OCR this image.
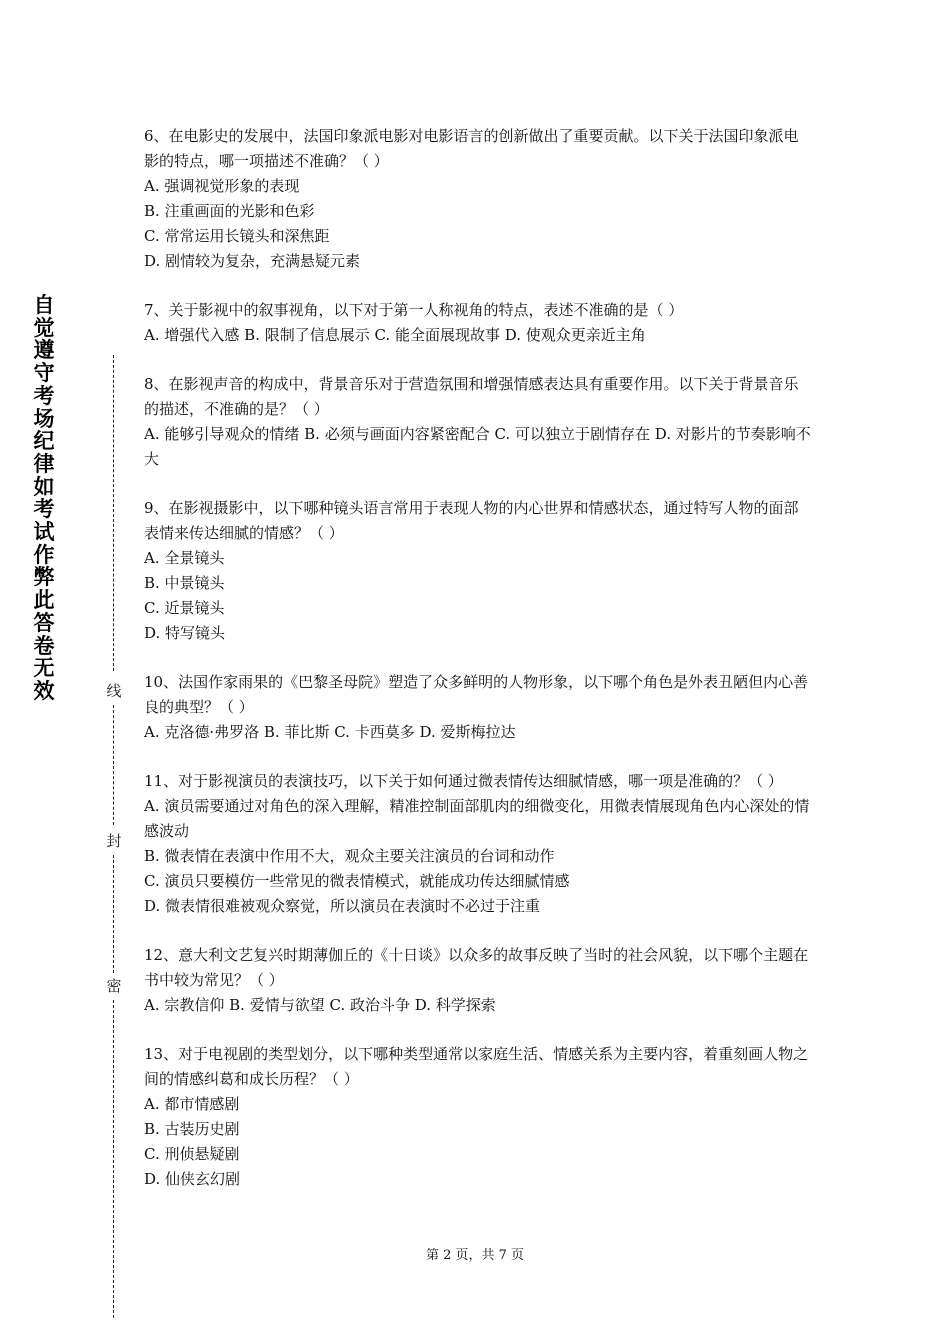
自觉遵守考场纪律如考试作弊此答卷无效	线
封
密

6、在电影史的发展中，法国印象派电影对电影语言的创新做出了重要贡献。以下关于法国印象派电影的特点，哪一项描述不准确？（ ）

A. 强调视觉形象的表现

B. 注重画面的光影和色彩

C. 常常运用长镜头和深焦距

D. 剧情较为复杂，充满悬疑元素

7、关于影视中的叙事视角，以下对于第一人称视角的特点，表述不准确的是（ ）

A. 增强代入感 B. 限制了信息展示 C. 能全面展现故事 D. 使观众更亲近主角

8、在影视声音的构成中，背景音乐对于营造氛围和增强情感表达具有重要作用。以下关于背景音乐的描述，不准确的是？（ ）

A. 能够引导观众的情绪 B. 必须与画面内容紧密配合 C. 可以独立于剧情存在 D. 对影片的节奏影响不大

9、在影视摄影中，以下哪种镜头语言常用于表现人物的内心世界和情感状态，通过特写人物的面部表情来传达细腻的情感？（ ）

A. 全景镜头

B. 中景镜头

C. 近景镜头

D. 特写镜头

10、法国作家雨果的《巴黎圣母院》塑造了众多鲜明的人物形象，以下哪个角色是外表丑陋但内心善良的典型？（ ）

A. 克洛德·弗罗洛 B. 菲比斯 C. 卡西莫多 D. 爱斯梅拉达

11、对于影视演员的表演技巧，以下关于如何通过微表情传达细腻情感，哪一项是准确的？（ ）

A. 演员需要通过对角色的深入理解，精准控制面部肌肉的细微变化，用微表情展现角色内心深处的情感波动

B. 微表情在表演中作用不大，观众主要关注演员的台词和动作

C. 演员只要模仿一些常见的微表情模式，就能成功传达细腻情感

D. 微表情很难被观众察觉，所以演员在表演时不必过于注重

12、意大利文艺复兴时期薄伽丘的《十日谈》以众多的故事反映了当时的社会风貌，以下哪个主题在书中较为常见？（ ）

A. 宗教信仰 B. 爱情与欲望 C. 政治斗争 D. 科学探索

13、对于电视剧的类型划分，以下哪种类型通常以家庭生活、情感关系为主要内容，着重刻画人物之间的情感纠葛和成长历程？（ ）

A. 都市情感剧

B. 古装历史剧

C. 刑侦悬疑剧

D. 仙侠玄幻剧

第 2 页，共 7 页
